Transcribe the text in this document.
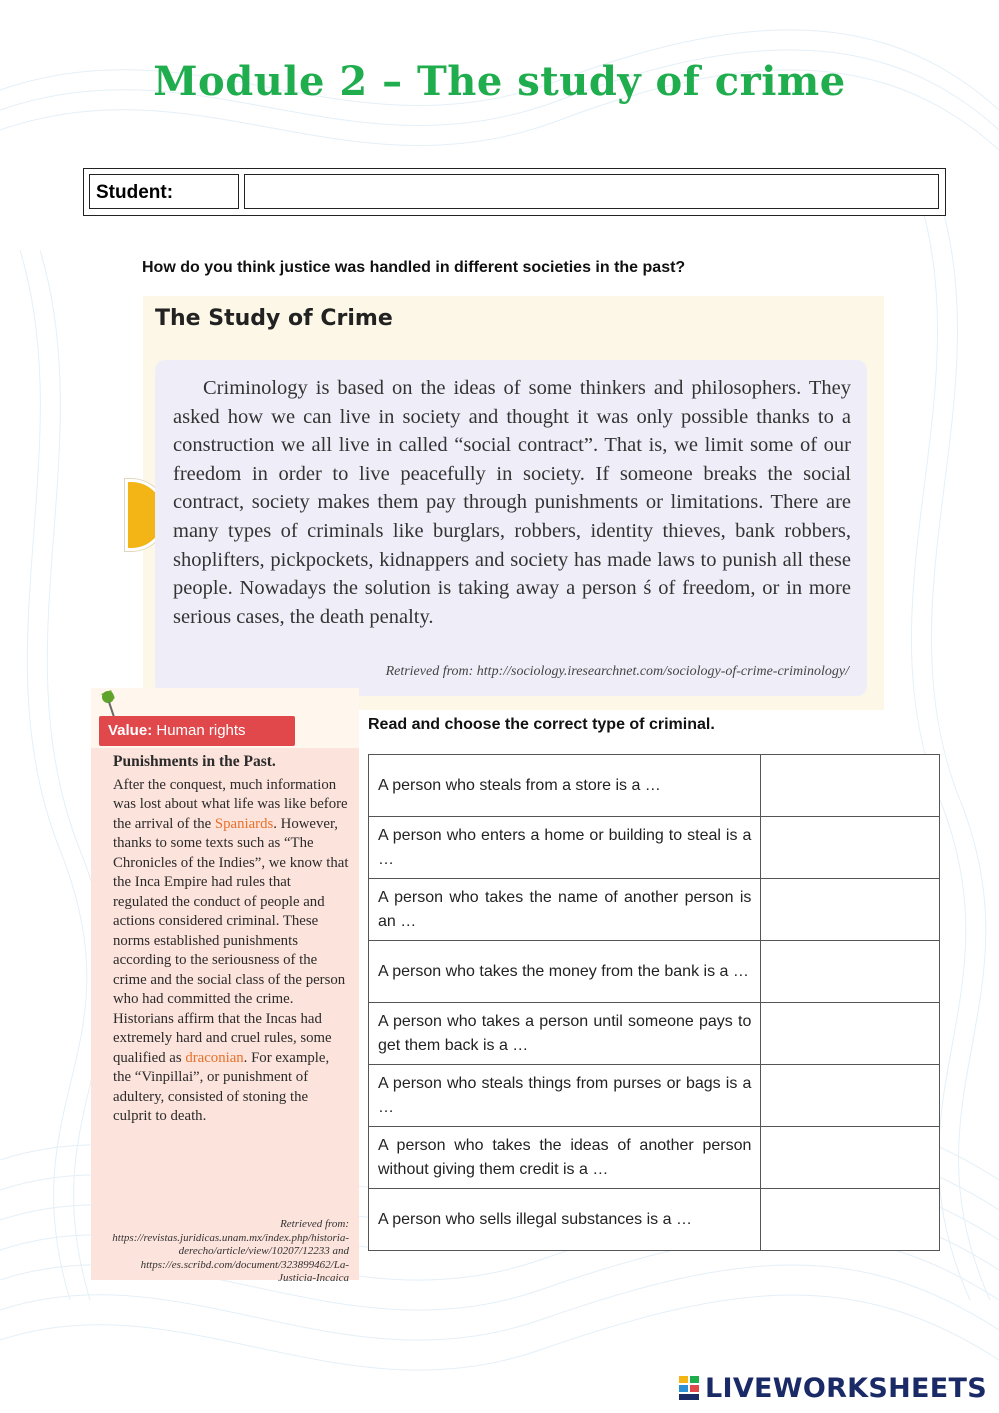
Module 2 – The study of crime
Student:
How do you think justice was handled in different societies in the past?
The Study of Crime

Criminology is based on the ideas of some thinkers and philosophers. They asked how we can live in society and thought it was only possible thanks to a construction we all live in called “social contract”. That is, we limit some of our freedom in order to live peacefully in society. If someone breaks the social contract, society makes them pay through punishments or limitations. There are many types of criminals like burglars, robbers, identity thieves, bank robbers, shoplifters, pickpockets, kidnappers and society has made laws to punish all these people. Nowadays the solution is taking away a person ś of freedom, or in more serious cases, the death penalty.

Retrieved from: http://sociology.iresearchnet.com/sociology-of-crime-criminology/
Value: Human rights

Punishments in the Past.

After the conquest, much information was lost about what life was like before the arrival of the Spaniards. However, thanks to some texts such as “The Chronicles of the Indies”, we know that the Inca Empire had rules that regulated the conduct of people and actions considered criminal. These norms established punishments according to the seriousness of the crime and the social class of the person who had committed the crime. Historians affirm that the Incas had extremely hard and cruel rules, some qualified as draconian. For example, the “Vinpillai”, or punishment of adultery, consisted of stoning the culprit to death.

Retrieved from: https://revistas.juridicas.unam.mx/index.php/historia-derecho/article/view/10207/12233 and https://es.scribd.com/document/323899462/La-Justicia-Incaica
Read and choose the correct type of criminal.
A person who steals from a store is a …	
A person who enters a home or building to steal is a …	
A person who takes the name of another person is an …	
A person who takes the money from the bank is a …	
A person who takes a person until someone pays to get them back is a …	
A person who steals things from purses or bags is a …	
A person who takes the ideas of another person without giving them credit is a …	
A person who sells illegal substances is a …	
LIVEWORKSHEETS
